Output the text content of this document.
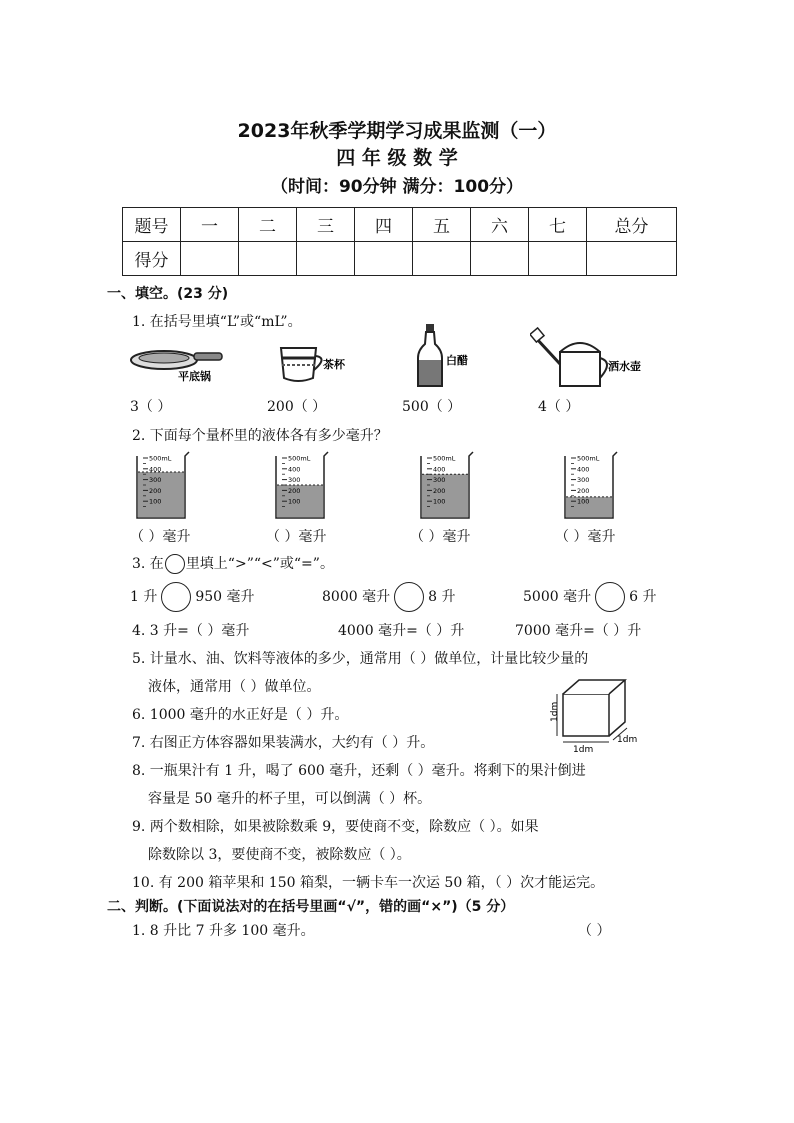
2023年秋季学期学习成果监测（一）
四 年 级 数 学
（时间：90分钟 满分：100分）
题号	一	二	三	四	五	六	七	总分
得分								
一、填空。(23 分)
1. 在括号里填“L”或“mL”。
平底锅
茶杯	白醋	洒水壶
3（ ）	200（ ）	500（ ）	4（ ）
2. 下面每个量杯里的液体各有多少毫升？
500mL
400
300
200
100
500mL
400
300
200
100
500mL
400
300
200
100
500mL
400
300
200
100
（ ）毫升	（ ）毫升	（ ）毫升	（ ）毫升
3. 在 里填上“>”“<”或“=”。
1 升	950 毫升	8000 毫升	8 升	5000 毫升	6 升
4. 3 升=（ ）毫升	4000 毫升=（ ）升	7000 毫升=（ ）升
5. 计量水、油、饮料等液体的多少，通常用（ ）做单位，计量比较少量的
液体，通常用（ ）做单位。
6. 1000 毫升的水正好是（ ）升。
7. 右图正方体容器如果装满水，大约有（ ）升。
1dm
1dm
1dm
8. 一瓶果汁有 1 升，喝了 600 毫升，还剩（ ）毫升。将剩下的果汁倒进
容量是 50 毫升的杯子里，可以倒满（ ）杯。
9. 两个数相除，如果被除数乘 9，要使商不变，除数应（ ）。如果
除数除以 3，要使商不变，被除数应（ ）。
10. 有 200 箱苹果和 150 箱梨，一辆卡车一次运 50 箱，（ ）次才能运完。
二、判断。(下面说法对的在括号里画“√”，错的画“×”)（5 分）
1. 8 升比 7 升多 100 毫升。	（ ）
